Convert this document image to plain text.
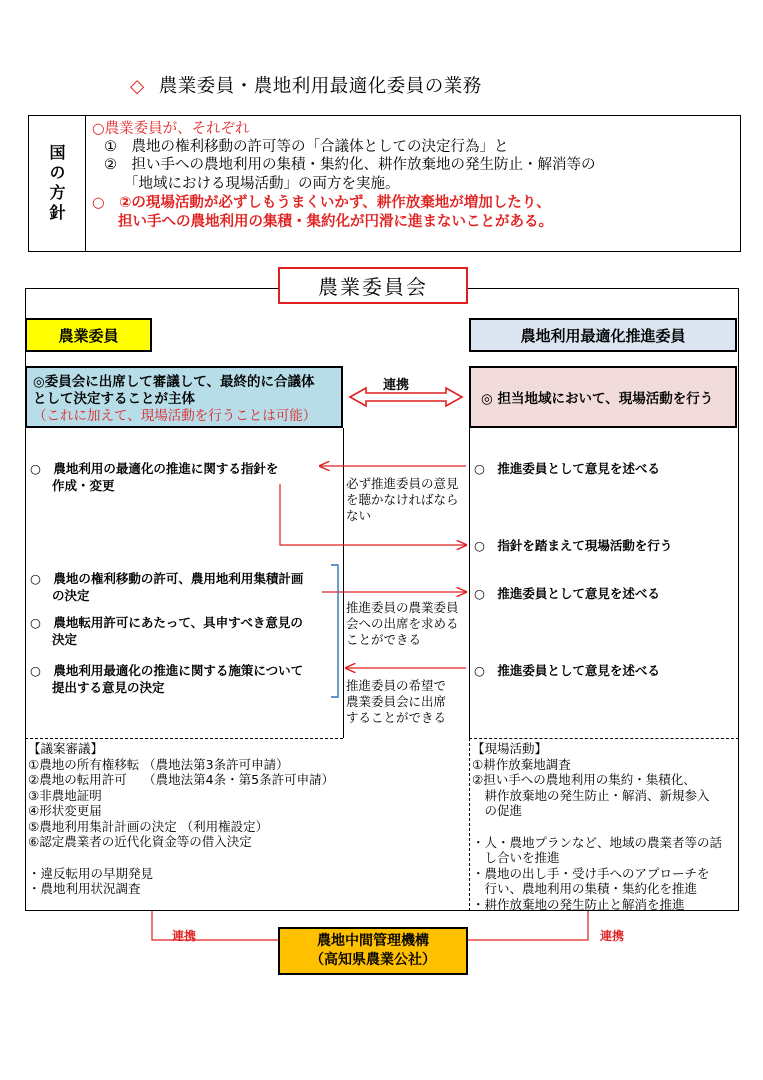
◇ 農業委員・農地利用最適化委員の業務
国の方針
○農業委員が、それぞれ
①　農地の権利移動の許可等の「合議体としての決定行為」と
②　担い手への農地利用の集積・集約化、耕作放棄地の発生防止・解消等の
「地域における現場活動」の両方を実施。
○　②の現場活動が必ずしもうまくいかず、耕作放棄地が増加したり、
担い手への農地利用の集積・集約化が円滑に進まないことがある。
農業委員会
農業委員	農地利用最適化推進委員
◎委員会に出席して審議して、最終的に合議体
として決定することが主体
（これに加えて、現場活動を行うことは可能）
◎ 担当地域において、現場活動を行う
連携
○　農地利用の最適化の推進に関する指針を
作成・変更
○　農地の権利移動の許可、農用地利用集積計画
の決定
○　農地転用許可にあたって、具申すべき意見の
決定
○　農地利用最適化の推進に関する施策について
提出する意見の決定
○　推進委員として意見を述べる
○　指針を踏まえて現場活動を行う
○　推進委員として意見を述べる
○　推進委員として意見を述べる
必ず推進委員の意見
を聴かなければなら
ない
推進委員の農業委員
会への出席を求める
ことができる
推進委員の希望で
農業委員会に出席
することができる
【議案審議】
①農地の所有権移転 （農地法第3条許可申請）
②農地の転用許可　 （農地法第4条・第5条許可申請）
③非農地証明
④形状変更届
⑤農地利用集計計画の決定 （利用権設定）
⑥認定農業者の近代化資金等の借入決定
・違反転用の早期発見
・農地利用状況調査
【現場活動】
①耕作放棄地調査
②担い手への農地利用の集約・集積化、
　耕作放棄地の発生防止・解消、新規参入
　の促進
・人・農地プランなど、地域の農業者等の話
　し合いを推進
・農地の出し手・受け手へのアプローチを
　行い、農地利用の集積・集約化を推進
・耕作放棄地の発生防止と解消を推進
連携	連携
農地中間管理機構
（高知県農業公社）
